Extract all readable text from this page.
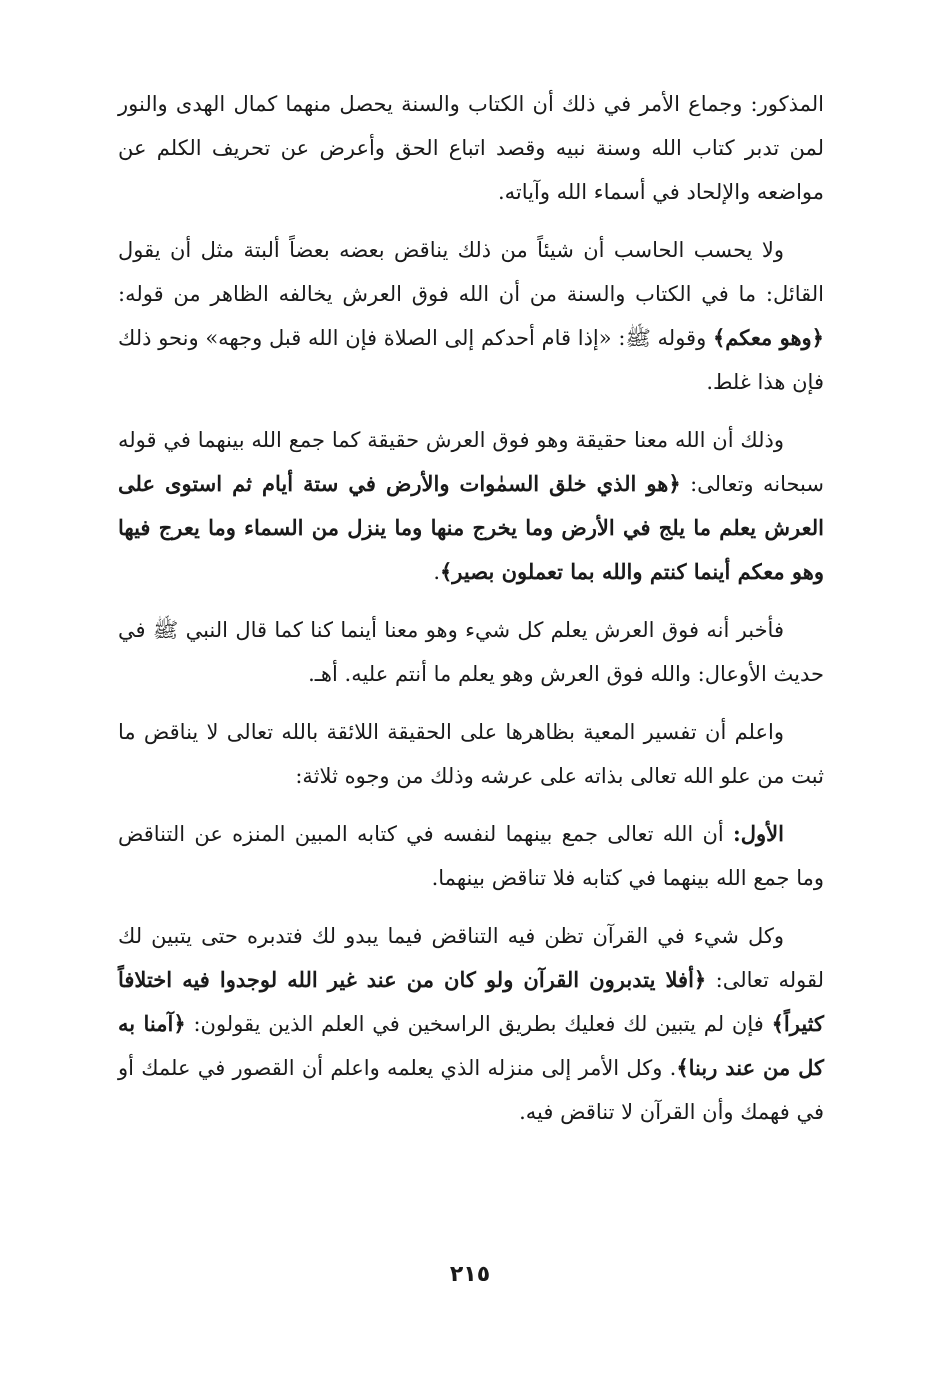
المذكور: وجماع الأمر في ذلك أن الكتاب والسنة يحصل منهما كمال الهدى والنور لمن تدبر كتاب الله وسنة نبيه وقصد اتباع الحق وأعرض عن تحريف الكلم عن مواضعه والإلحاد في أسماء الله وآياته.

ولا يحسب الحاسب أن شيئاً من ذلك يناقض بعضه بعضاً ألبتة مثل أن يقول القائل: ما في الكتاب والسنة من أن الله فوق العرش يخالفه الظاهر من قوله: ﴿وهو معكم﴾ وقوله ﷺ: «إذا قام أحدكم إلى الصلاة فإن الله قبل وجهه» ونحو ذلك فإن هذا غلط.

وذلك أن الله معنا حقيقة وهو فوق العرش حقيقة كما جمع الله بينهما في قوله سبحانه وتعالى: ﴿هو الذي خلق السمٰوات والأرض في ستة أيام ثم استوى على العرش يعلم ما يلج في الأرض وما يخرج منها وما ينزل من السماء وما يعرج فيها وهو معكم أينما كنتم والله بما تعملون بصير﴾.

فأخبر أنه فوق العرش يعلم كل شيء وهو معنا أينما كنا كما قال النبي ﷺ في حديث الأوعال: والله فوق العرش وهو يعلم ما أنتم عليه. أهـ.

واعلم أن تفسير المعية بظاهرها على الحقيقة اللائقة بالله تعالى لا يناقض ما ثبت من علو الله تعالى بذاته على عرشه وذلك من وجوه ثلاثة:

الأول: أن الله تعالى جمع بينهما لنفسه في كتابه المبين المنزه عن التناقض وما جمع الله بينهما في كتابه فلا تناقض بينهما.

وكل شيء في القرآن تظن فيه التناقض فيما يبدو لك فتدبره حتى يتبين لك لقوله تعالى: ﴿أفلا يتدبرون القرآن ولو كان من عند غير الله لوجدوا فيه اختلافاً كثيراً﴾ فإن لم يتبين لك فعليك بطريق الراسخين في العلم الذين يقولون: ﴿آمنا به كل من عند ربنا﴾. وكل الأمر إلى منزله الذي يعلمه واعلم أن القصور في علمك أو في فهمك وأن القرآن لا تناقض فيه.

٢١٥
